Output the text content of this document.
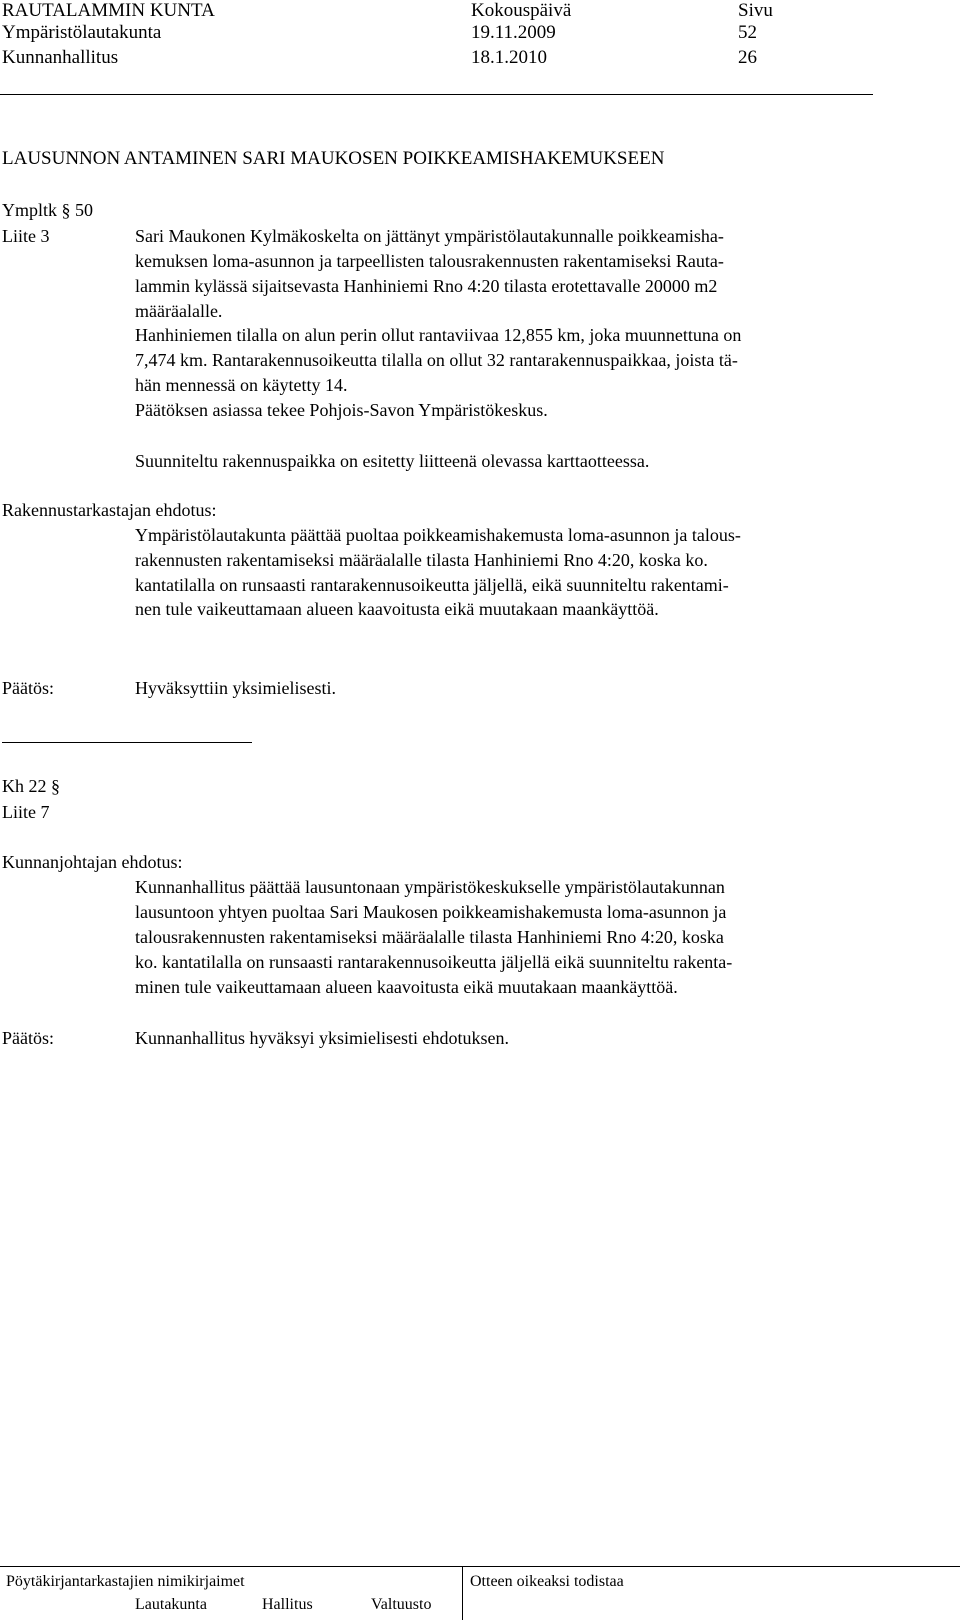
RAUTALAMMIN KUNTA	Kokouspäivä	Sivu
Ympäristölautakunta	19.11.2009	52
Kunnanhallitus	18.1.2010	26
LAUSUNNON ANTAMINEN SARI MAUKOSEN POIKKEAMISHAKEMUKSEEN
Ympltk § 50
Liite 3	Sari Maukonen Kylmäkoskelta on jättänyt ympäristölautakunnalle poikkeamisha-
kemuksen loma-asunnon ja tarpeellisten talousrakennusten rakentamiseksi Rauta-
lammin kylässä sijaitsevasta Hanhiniemi Rno 4:20 tilasta erotettavalle 20000 m2
määräalalle.
Hanhiniemen tilalla on alun perin ollut rantaviivaa 12,855 km, joka muunnettuna on
7,474 km. Rantarakennusoikeutta tilalla on ollut 32 rantarakennuspaikkaa, joista tä-
hän mennessä on käytetty 14.
Päätöksen asiassa tekee Pohjois-Savon Ympäristökeskus.
Suunniteltu rakennuspaikka on esitetty liitteenä olevassa karttaotteessa.
Rakennustarkastajan ehdotus:
Ympäristölautakunta päättää puoltaa poikkeamishakemusta loma-asunnon ja talous-
rakennusten rakentamiseksi määräalalle tilasta Hanhiniemi Rno 4:20, koska ko.
kantatilalla on runsaasti rantarakennusoikeutta jäljellä, eikä suunniteltu rakentami-
nen tule vaikeuttamaan alueen kaavoitusta eikä muutakaan maankäyttöä.
Päätös:	Hyväksyttiin yksimielisesti.
Kh 22 §
Liite 7
Kunnanjohtajan ehdotus:
Kunnanhallitus päättää lausuntonaan ympäristökeskukselle ympäristölautakunnan
lausuntoon yhtyen puoltaa Sari Maukosen poikkeamishakemusta loma-asunnon ja
talousrakennusten rakentamiseksi määräalalle tilasta Hanhiniemi Rno 4:20, koska
ko. kantatilalla on runsaasti rantarakennusoikeutta jäljellä eikä suunniteltu rakenta-
minen tule vaikeuttamaan alueen kaavoitusta eikä muutakaan maankäyttöä.
Päätös:	Kunnanhallitus hyväksyi yksimielisesti ehdotuksen.
Pöytäkirjantarkastajien nimikirjaimet
Lautakunta	Hallitus	Valtuusto
Otteen oikeaksi todistaa
